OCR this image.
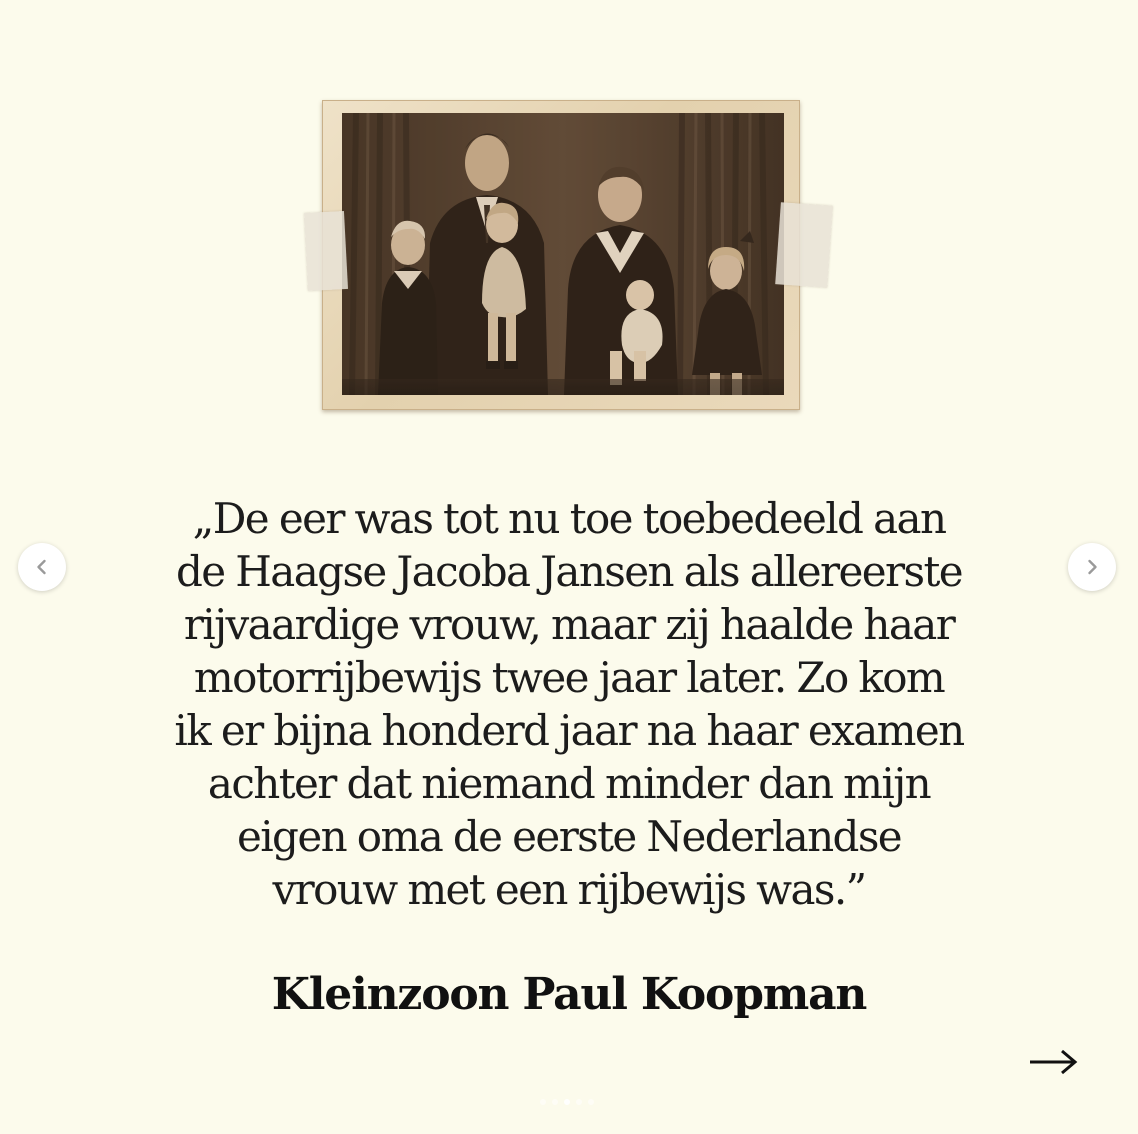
„De eer was tot nu toe toebedeeld aan
de Haagse Jacoba Jansen als allereerste
rijvaardige vrouw, maar zij haalde haar
motorrijbewijs twee jaar later. Zo kom
ik er bijna honderd jaar na haar examen
achter dat niemand minder dan mijn
eigen oma de eerste Nederlandse
vrouw met een rijbewijs was.”

Kleinzoon Paul Koopman
